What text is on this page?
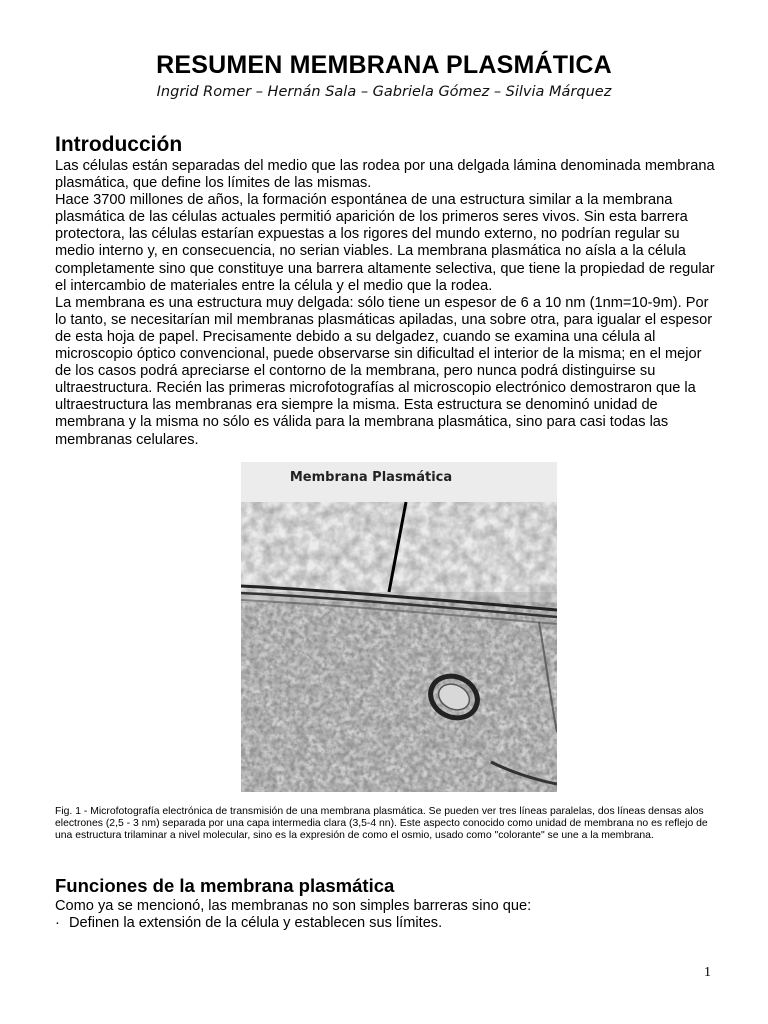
RESUMEN MEMBRANA PLASMÁTICA
Ingrid Romer – Hernán Sala – Gabriela Gómez – Silvia Márquez
Introducción

Las células están separadas del medio que las rodea por una delgada lámina denominada membrana plasmática, que define los límites de las mismas.

Hace 3700 millones de años, la formación espontánea de una estructura similar a la membrana plasmática de las células actuales permitió aparición de los primeros seres vivos. Sin esta barrera protectora, las células estarían expuestas a los rigores del mundo externo, no podrían regular su medio interno y, en consecuencia, no serian viables. La membrana plasmática no aísla a la célula completamente sino que constituye una barrera altamente selectiva, que tiene la propiedad de regular el intercambio de materiales entre la célula y el medio que la rodea.

La membrana es una estructura muy delgada: sólo tiene un espesor de 6 a 10 nm (1nm=10-9m). Por lo tanto, se necesitarían mil membranas plasmáticas apiladas, una sobre otra, para igualar el espesor de esta hoja de papel. Precisamente debido a su delgadez, cuando se examina una célula al microscopio óptico convencional, puede observarse sin dificultad el interior de la misma; en el mejor de los casos podrá apreciarse el contorno de la membrana, pero nunca podrá distinguirse su ultraestructura. Recién las primeras microfotografías al microscopio electrónico demostraron que la ultraestructura las membranas era siempre la misma. Esta estructura se denominó unidad de membrana y la misma no sólo es válida para la membrana plasmática, sino para casi todas las membranas celulares.

Membrana Plasmática
Fig. 1 - Microfotografía electrónica de transmisión de una membrana plasmática. Se pueden ver tres líneas paralelas, dos líneas densas alos electrones (2,5 - 3 nm) separada por una capa intermedia clara (3,5-4 nn). Este aspecto conocido como unidad de membrana no es reflejo de una estructura trilaminar a nivel molecular, sino es la expresión de como el osmio, usado como "colorante" se une a la membrana.
Funciones de la membrana plasmática
Como ya se mencionó, las membranas no son simples barreras sino que:
· Definen la extensión de la célula y establecen sus límites.
1
